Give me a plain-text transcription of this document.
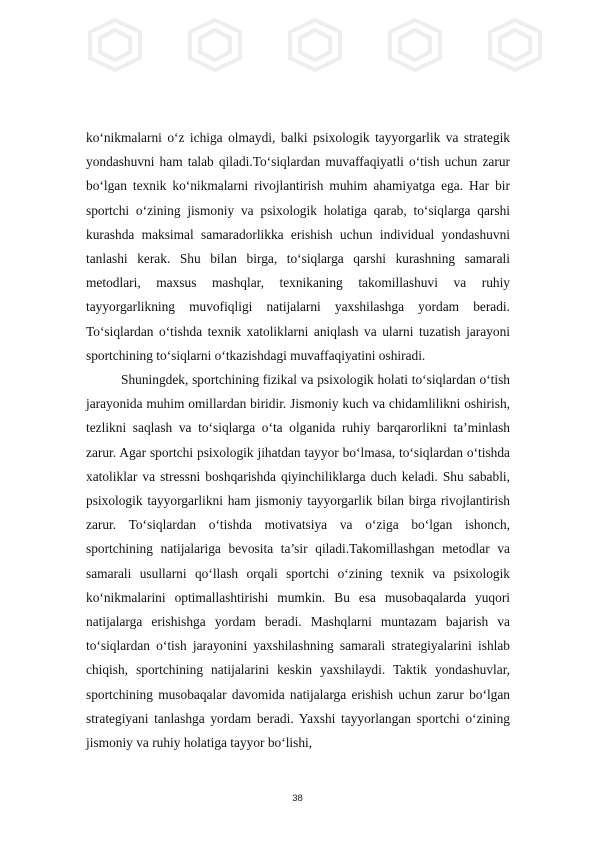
ko‘nikmalarni o‘z ichiga olmaydi, balki psixologik tayyorgarlik va strategik yondashuvni ham talab qiladi.To‘siqlardan muvaffaqiyatli o‘tish uchun zarur bo‘lgan texnik ko‘nikmalarni rivojlantirish muhim ahamiyatga ega. Har bir sportchi o‘zining jismoniy va psixologik holatiga qarab, to‘siqlarga qarshi kurashda maksimal samaradorlikka erishish uchun individual yondashuvni tanlashi kerak. Shu bilan birga, to‘siqlarga qarshi kurashning samarali metodlari, maxsus mashqlar, texnikaning takomillashuvi va ruhiy tayyorgarlikning muvofiqligi natijalarni yaxshilashga yordam beradi. To‘siqlardan o‘tishda texnik xatoliklarni aniqlash va ularni tuzatish jarayoni sportchining to‘siqlarni o‘tkazishdagi muvaffaqiyatini oshiradi.

Shuningdek, sportchining fizikal va psixologik holati to‘siqlardan o‘tish jarayonida muhim omillardan biridir. Jismoniy kuch va chidamlilikni oshirish, tezlikni saqlash va to‘siqlarga o‘ta olganida ruhiy barqarorlikni ta’minlash zarur. Agar sportchi psixologik jihatdan tayyor bo‘lmasa, to‘siqlardan o‘tishda xatoliklar va stressni boshqarishda qiyinchiliklarga duch keladi. Shu sababli, psixologik tayyorgarlikni ham jismoniy tayyorgarlik bilan birga rivojlantirish zarur. To‘siqlardan o‘tishda motivatsiya va o‘ziga bo‘lgan ishonch, sportchining natijalariga bevosita ta’sir qiladi.Takomillashgan metodlar va samarali usullarni qo‘llash orqali sportchi o‘zining texnik va psixologik ko‘nikmalarini optimallashtirishi mumkin. Bu esa musobaqalarda yuqori natijalarga erishishga yordam beradi. Mashqlarni muntazam bajarish va to‘siqlardan o‘tish jarayonini yaxshilashning samarali strategiyalarini ishlab chiqish, sportchining natijalarini keskin yaxshilaydi. Taktik yondashuvlar, sportchining musobaqalar davomida natijalarga erishish uchun zarur bo‘lgan strategiyani tanlashga yordam beradi. Yaxshi tayyorlangan sportchi o‘zining jismoniy va ruhiy holatiga tayyor bo‘lishi,

38
